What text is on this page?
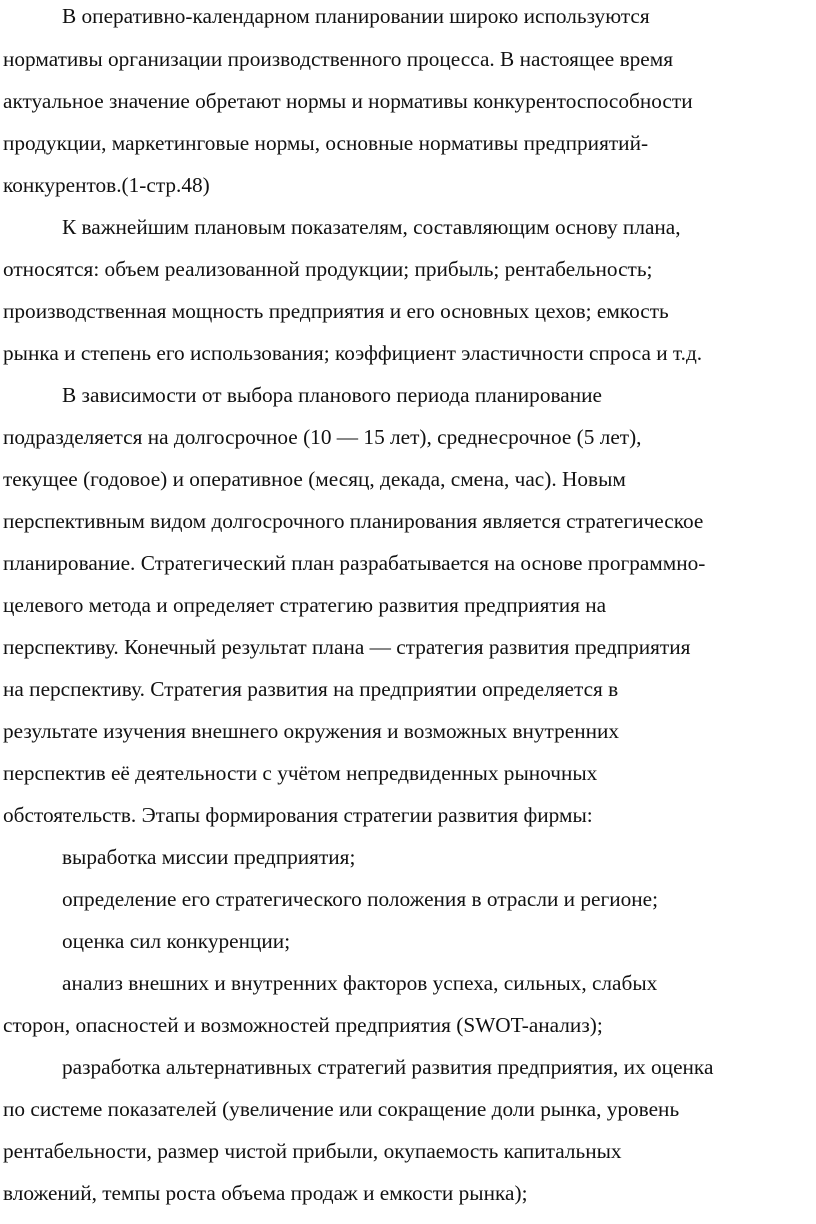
В оперативно-календарном планировании широко используются
нормативы организации производственного процесса. В настоящее время
актуальное значение обретают нормы и нормативы конкурентоспособности
продукции, маркетинговые нормы, основные нормативы предприятий-
конкурентов.(1-стр.48)
К важнейшим плановым показателям, составляющим основу плана,
относятся: объем реализованной продукции; прибыль; рентабельность;
производственная мощность предприятия и его основных цехов; емкость
рынка и степень его использования; коэффициент эластичности спроса и т.д.
В зависимости от выбора планового периода планирование
подразделяется на долгосрочное (10 — 15 лет), среднесрочное (5 лет),
текущее (годовое) и оперативное (месяц, декада, смена, час). Новым
перспективным видом долгосрочного планирования является стратегическое
планирование. Стратегический план разрабатывается на основе программно-
целевого метода и определяет стратегию развития предприятия на
перспективу. Конечный результат плана — стратегия развития предприятия
на перспективу. Стратегия развития на предприятии определяется в
результате изучения внешнего окружения и возможных внутренних
перспектив её деятельности с учётом непредвиденных рыночных
обстоятельств. Этапы формирования стратегии развития фирмы:
выработка миссии предприятия;
определение его стратегического положения в отрасли и регионе;
оценка сил конкуренции;
анализ внешних и внутренних факторов успеха, сильных, слабых
сторон, опасностей и возможностей предприятия (SWOT-анализ);
разработка альтернативных стратегий развития предприятия, их оценка
по системе показателей (увеличение или сокращение доли рынка, уровень
рентабельности, размер чистой прибыли, окупаемость капитальных
вложений, темпы роста объема продаж и емкости рынка);
